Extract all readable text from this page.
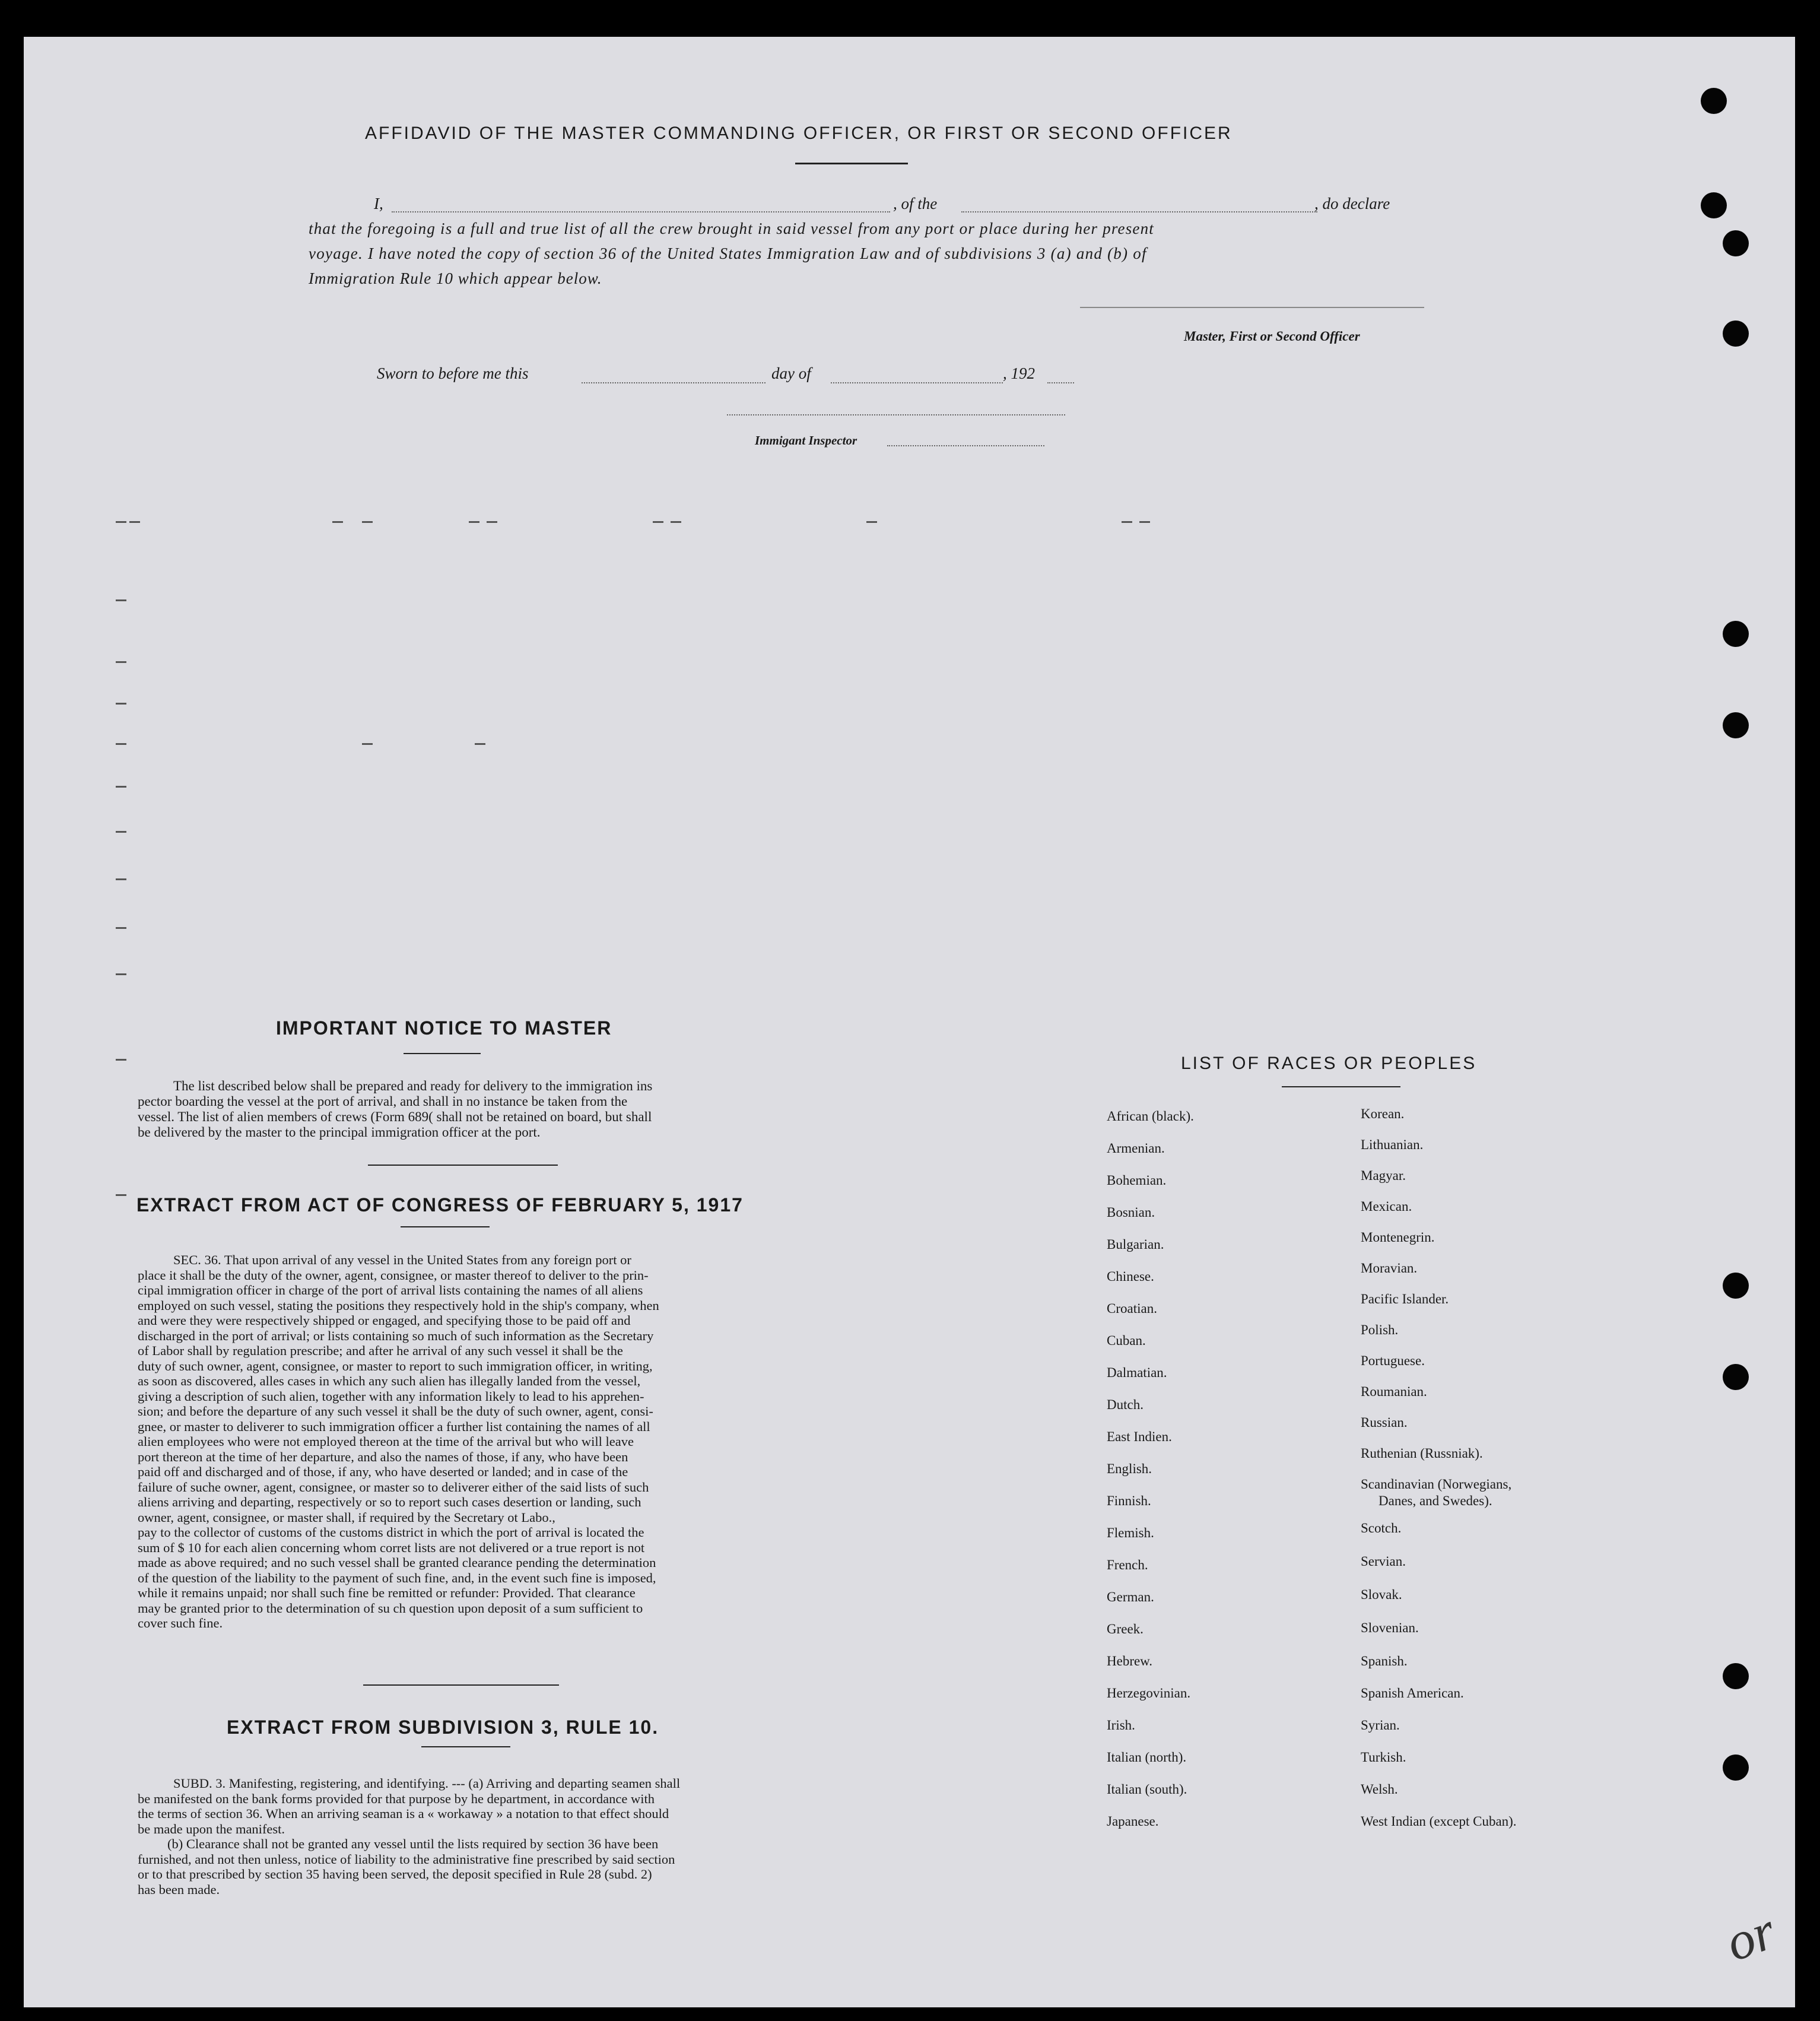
AFFIDAVID OF THE MASTER COMMANDING OFFICER, OR FIRST OR SECOND OFFICER
I,	, of the	, do declare
that the foregoing is a full and true list of all the crew brought in said vessel from any port or place during her present
voyage. I have noted the copy of section 36 of the United States Immigration Law and of subdivisions 3 (a) and (b) of
Immigration Rule 10 which appear below.
Master, First or Second Officer
Sworn to before me this	day of	, 192
Immigant Inspector
IMPORTANT NOTICE TO MASTER

The list described below shall be prepared and ready for delivery to the immigration ins

pector boarding the vessel at the port of arrival, and shall in no instance be taken from the

vessel. The list of alien members of crews (Form 689( shall not be retained on board, but shall

be delivered by the master to the principal immigration officer at the port.

EXTRACT FROM ACT OF CONGRESS OF FEBRUARY 5, 1917

SEC. 36. That upon arrival of any vessel in the United States from any foreign port or

place it shall be the duty of the owner, agent, consignee, or master thereof to deliver to the prin-

cipal immigration officer in charge of the port of arrival lists containing the names of all aliens

employed on such vessel, stating the positions they respectively hold in the ship's company, when

and were they were respectively shipped or engaged, and specifying those to be paid off and

discharged in the port of arrival; or lists containing so much of such information as the Secretary

of Labor shall by regulation prescribe; and after he arrival of any such vessel it shall be the

duty of such owner, agent, consignee, or master to report to such immigration officer, in writing,

as soon as discovered, alles cases in which any such alien has illegally landed from the vessel,

giving a description of such alien, together with any information likely to lead to his apprehen-

sion; and before the departure of any such vessel it shall be the duty of such owner, agent, consi-

gnee, or master to deliverer to such immigration officer a further list containing the names of all

alien employees who were not employed thereon at the time of the arrival but who will leave

port thereon at the time of her departure, and also the names of those, if any, who have been

paid off and discharged and of those, if any, who have deserted or landed; and in case of the

failure of suche owner, agent, consignee, or master so to deliverer either of the said lists of such

aliens arriving and departing, respectively or so to report such cases desertion or landing, such

owner, agent, consignee, or master shall, if required by the Secretary ot Labo.,

pay to the collector of customs of the customs district in which the port of arrival is located the

sum of $ 10 for each alien concerning whom corret lists are not delivered or a true report is not

made as above required; and no such vessel shall be granted clearance pending the determination

of the question of the liability to the payment of such fine, and, in the event such fine is imposed,

while it remains unpaid; nor shall such fine be remitted or refunder: Provided. That clearance

may be granted prior to the determination of su ch question upon deposit of a sum sufficient to

cover such fine.

EXTRACT FROM SUBDIVISION 3, RULE 10.

SUBD. 3. Manifesting, registering, and identifying. --- (a) Arriving and departing seamen shall

be manifested on the bank forms provided for that purpose by he department, in accordance with

the terms of section 36. When an arriving seaman is a « workaway » a notation to that effect should

be made upon the manifest.

(b) Clearance shall not be granted any vessel until the lists required by section 36 have been

furnished, and not then unless, notice of liability to the administrative fine prescribed by said section

or to that prescribed by section 35 having been served, the deposit specified in Rule 28 (subd. 2)

has been made.

LIST OF RACES OR PEOPLES
African (black).
Armenian.
Bohemian.
Bosnian.
Bulgarian.
Chinese.
Croatian.
Cuban.
Dalmatian.
Dutch.
East Indien.
English.
Finnish.
Flemish.
French.
German.
Greek.
Hebrew.
Herzegovinian.
Irish.
Italian (north).
Italian (south).
Japanese.
Korean.
Lithuanian.
Magyar.
Mexican.
Montenegrin.
Moravian.
Pacific Islander.
Polish.
Portuguese.
Roumanian.
Russian.
Ruthenian (Russniak).
Scandinavian (Norwegians,
Danes, and Swedes).
Scotch.
Servian.
Slovak.
Slovenian.
Spanish.
Spanish American.
Syrian.
Turkish.
Welsh.
West Indian (except Cuban).
or
